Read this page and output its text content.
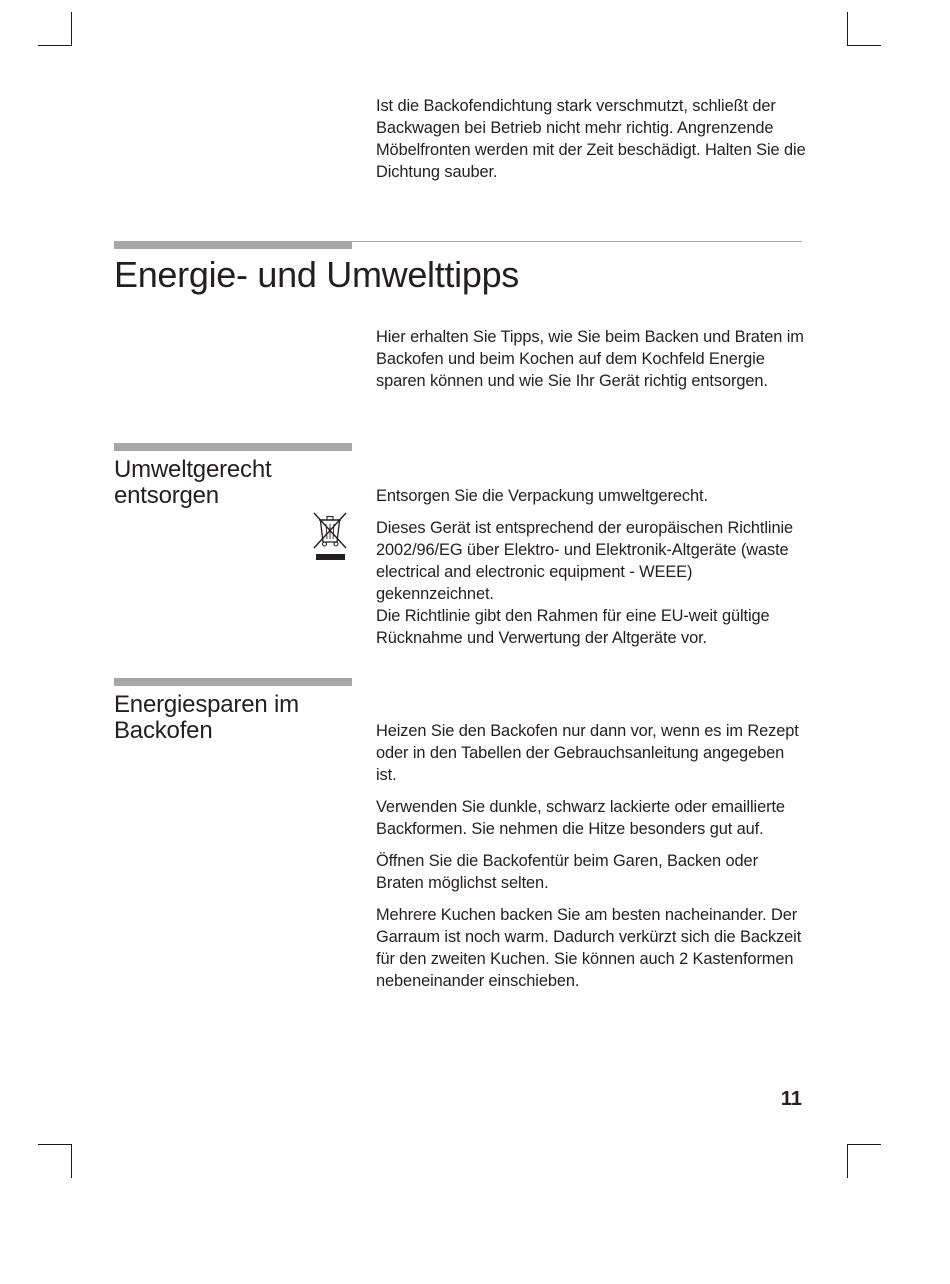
Ist die Backofendichtung stark verschmutzt, schließt der Backwagen bei Betrieb nicht mehr richtig. Angrenzende Möbelfronten werden mit der Zeit beschädigt. Halten Sie die Dichtung sauber.

Energie- und Umwelttipps

Hier erhalten Sie Tipps, wie Sie beim Backen und Braten im Backofen und beim Kochen auf dem Kochfeld Energie sparen können und wie Sie Ihr Gerät richtig entsorgen.

Umweltgerecht entsorgen	Entsorgen Sie die Verpackung umweltgerecht.

Dieses Gerät ist entsprechend der europäischen Richtlinie 2002/96/EG über Elektro- und Elektronik-Altgeräte (waste electrical and electronic equipment - WEEE) gekennzeichnet.

Die Richtlinie gibt den Rahmen für eine EU-weit gültige Rücknahme und Verwertung der Altgeräte vor.

Energiesparen im Backofen	Heizen Sie den Backofen nur dann vor, wenn es im Rezept oder in den Tabellen der Gebrauchsanleitung angegeben ist.

Verwenden Sie dunkle, schwarz lackierte oder emaillierte Backformen. Sie nehmen die Hitze besonders gut auf.

Öffnen Sie die Backofentür beim Garen, Backen oder Braten möglichst selten.

Mehrere Kuchen backen Sie am besten nacheinander. Der Garraum ist noch warm. Dadurch verkürzt sich die Backzeit für den zweiten Kuchen. Sie können auch 2 Kastenformen nebeneinander einschieben.

11
